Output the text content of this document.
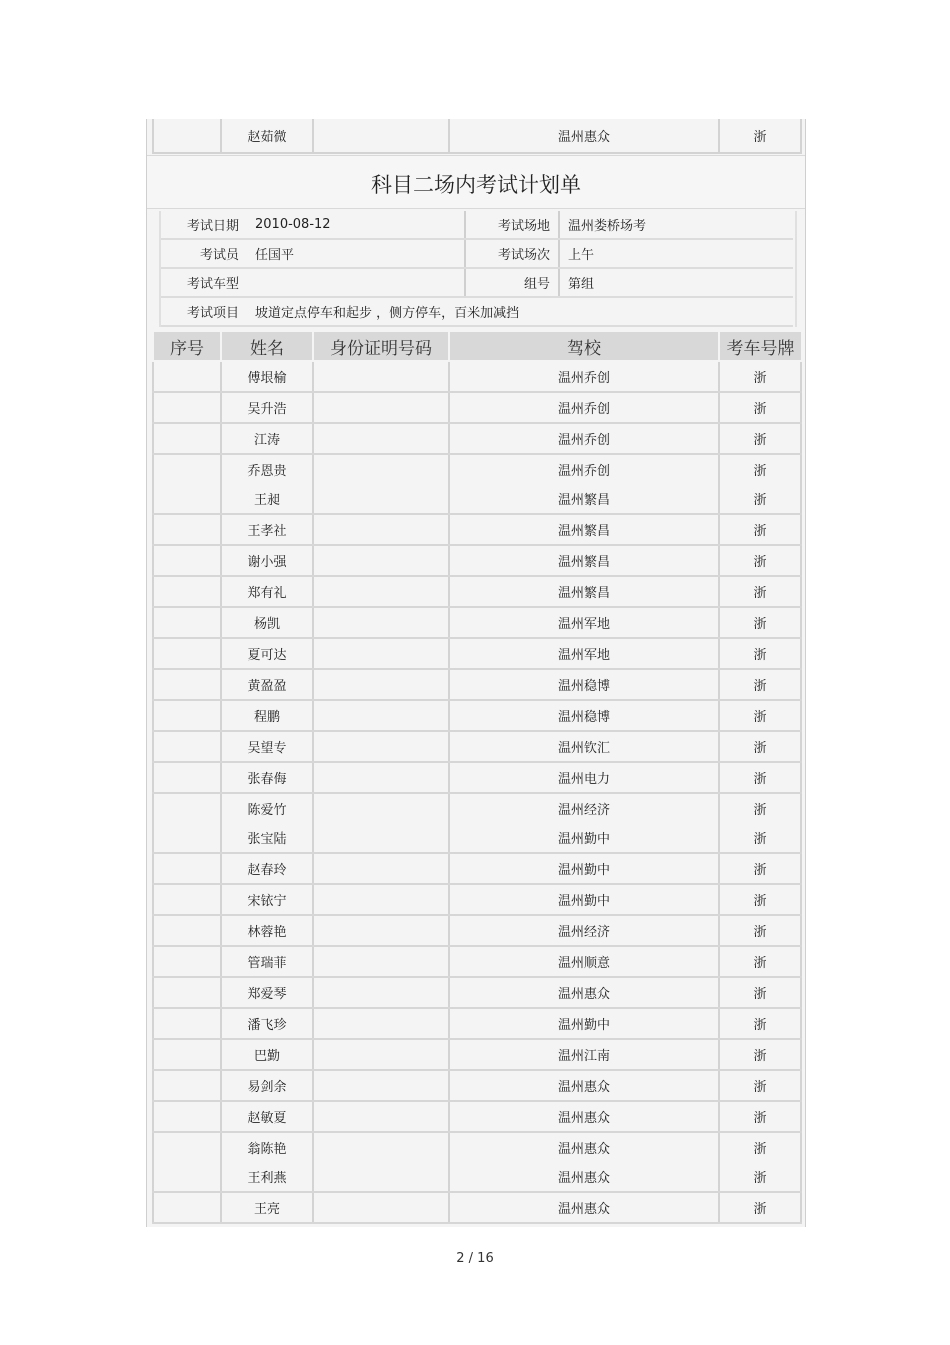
	赵茹微		温州惠众	浙
科目二场内考试计划单
考试日期	2010-08-12	考试场地	温州娄桥场考
考试员	任国平	考试场次	上午
考试车型		组号	第组
考试项目	坡道定点停车和起步 ，侧方停车，百米加减挡		
序号	姓名	身份证明号码	驾校	考车号牌
	傅垠榆		温州乔创	浙
	吴升浩		温州乔创	浙
	江涛		温州乔创	浙
	乔恩贵		温州乔创	浙
	王昶		温州繁昌	浙
	王孝社		温州繁昌	浙
	谢小强		温州繁昌	浙
	郑有礼		温州繁昌	浙
	杨凯		温州军地	浙
	夏可达		温州军地	浙
	黄盈盈		温州稳博	浙
	程鹏		温州稳博	浙
	吴望专		温州钦汇	浙
	张春侮		温州电力	浙
	陈爱竹		温州经济	浙
	张宝陆		温州勤中	浙
	赵春玲		温州勤中	浙
	宋铱宁		温州勤中	浙
	林蓉艳		温州经济	浙
	管瑞菲		温州顺意	浙
	郑爱琴		温州惠众	浙
	潘飞珍		温州勤中	浙
	巴勤		温州江南	浙
	易剑余		温州惠众	浙
	赵敏夏		温州惠众	浙
	翁陈艳		温州惠众	浙
	王利燕		温州惠众	浙
	王亮		温州惠众	浙
2 / 16
